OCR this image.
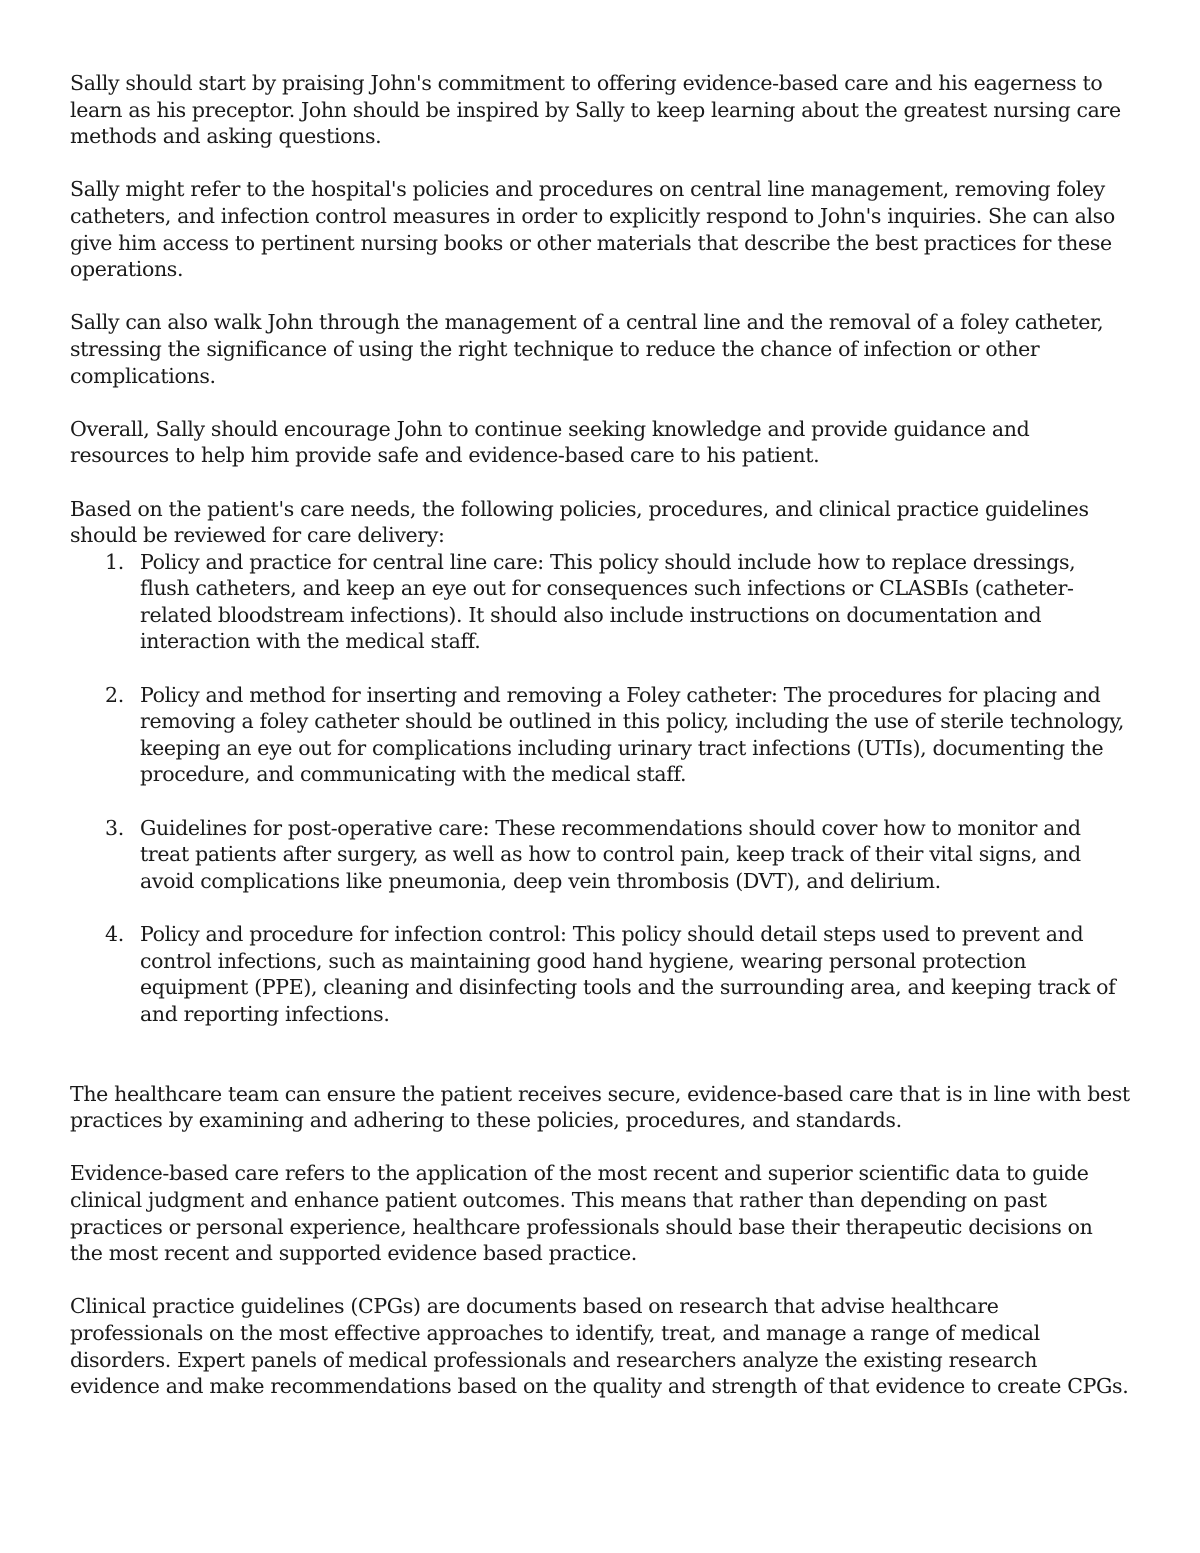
Sally should start by praising John's commitment to offering evidence-based care and his eagerness to learn as his preceptor. John should be inspired by Sally to keep learning about the greatest nursing care methods and asking questions.

Sally might refer to the hospital's policies and procedures on central line management, removing foley catheters, and infection control measures in order to explicitly respond to John's inquiries. She can also give him access to pertinent nursing books or other materials that describe the best practices for these operations.

Sally can also walk John through the management of a central line and the removal of a foley catheter, stressing the significance of using the right technique to reduce the chance of infection or other complications.

Overall, Sally should encourage John to continue seeking knowledge and provide guidance and resources to help him provide safe and evidence-based care to his patient.

Based on the patient's care needs, the following policies, procedures, and clinical practice guidelines should be reviewed for care delivery:

1. Policy and practice for central line care: This policy should include how to replace dressings, flush catheters, and keep an eye out for consequences such infections or CLASBIs (catheter-related bloodstream infections). It should also include instructions on documentation and interaction with the medical staff.
2. Policy and method for inserting and removing a Foley catheter: The procedures for placing and removing a foley catheter should be outlined in this policy, including the use of sterile technology, keeping an eye out for complications including urinary tract infections (UTIs), documenting the procedure, and communicating with the medical staff.
3. Guidelines for post-operative care: These recommendations should cover how to monitor and treat patients after surgery, as well as how to control pain, keep track of their vital signs, and avoid complications like pneumonia, deep vein thrombosis (DVT), and delirium.
4. Policy and procedure for infection control: This policy should detail steps used to prevent and control infections, such as maintaining good hand hygiene, wearing personal protection equipment (PPE), cleaning and disinfecting tools and the surrounding area, and keeping track of and reporting infections.

The healthcare team can ensure the patient receives secure, evidence-based care that is in line with best practices by examining and adhering to these policies, procedures, and standards.

Evidence-based care refers to the application of the most recent and superior scientific data to guide clinical judgment and enhance patient outcomes. This means that rather than depending on past practices or personal experience, healthcare professionals should base their therapeutic decisions on the most recent and supported evidence based practice.

Clinical practice guidelines (CPGs) are documents based on research that advise healthcare professionals on the most effective approaches to identify, treat, and manage a range of medical disorders. Expert panels of medical professionals and researchers analyze the existing research evidence and make recommendations based on the quality and strength of that evidence to create CPGs.
